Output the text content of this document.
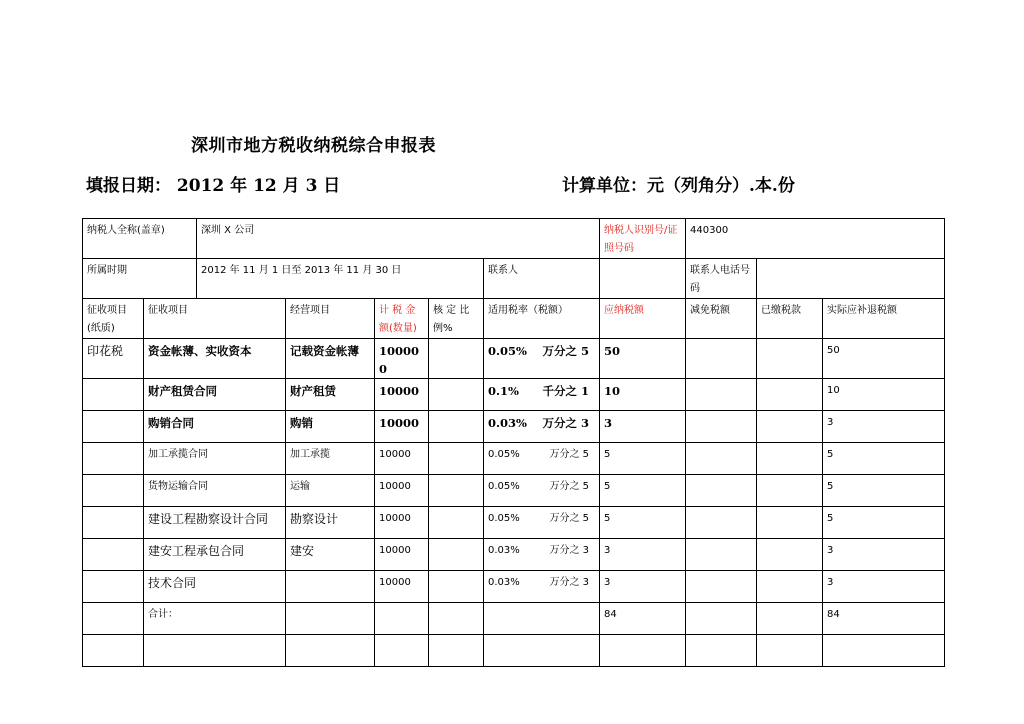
深圳市地方税收纳税综合申报表
填报日期： 2012 年 12 月 3 日	计算单位：元（列角分）.本.份
纳税人全称(盖章)		深圳 X 公司					纳税人识别号/证照号码	440300		
所属时期		2012 年 11 月 1 日至 2013 年 11 月 30 日				联系人		联系人电话号码		
征收项目(纸质)	征收项目		经营项目	计 税 金额(数量)	核 定 比例%	适用税率（税额）	应纳税额	减免税额	已缴税款	实际应补退税额
印花税	资金帐薄、实收资本		记载资金帐薄	100000		0.05% 万分之 5	50			50
	财产租赁合同		财产租赁	10000		0.1% 千分之 1	10			10
	购销合同		购销	10000		0.03% 万分之 3	3			3
	加工承揽合同		加工承揽	10000		0.05% 万分之 5	5			5
	货物运输合同		运输	10000		0.05% 万分之 5	5			5
	建设工程勘察设计合同		勘察设计	10000		0.05% 万分之 5	5			5
	建安工程承包合同		建安	10000		0.03% 万分之 3	3			3
	技术合同			10000		0.03% 万分之 3	3			3
	合计：						84			84
